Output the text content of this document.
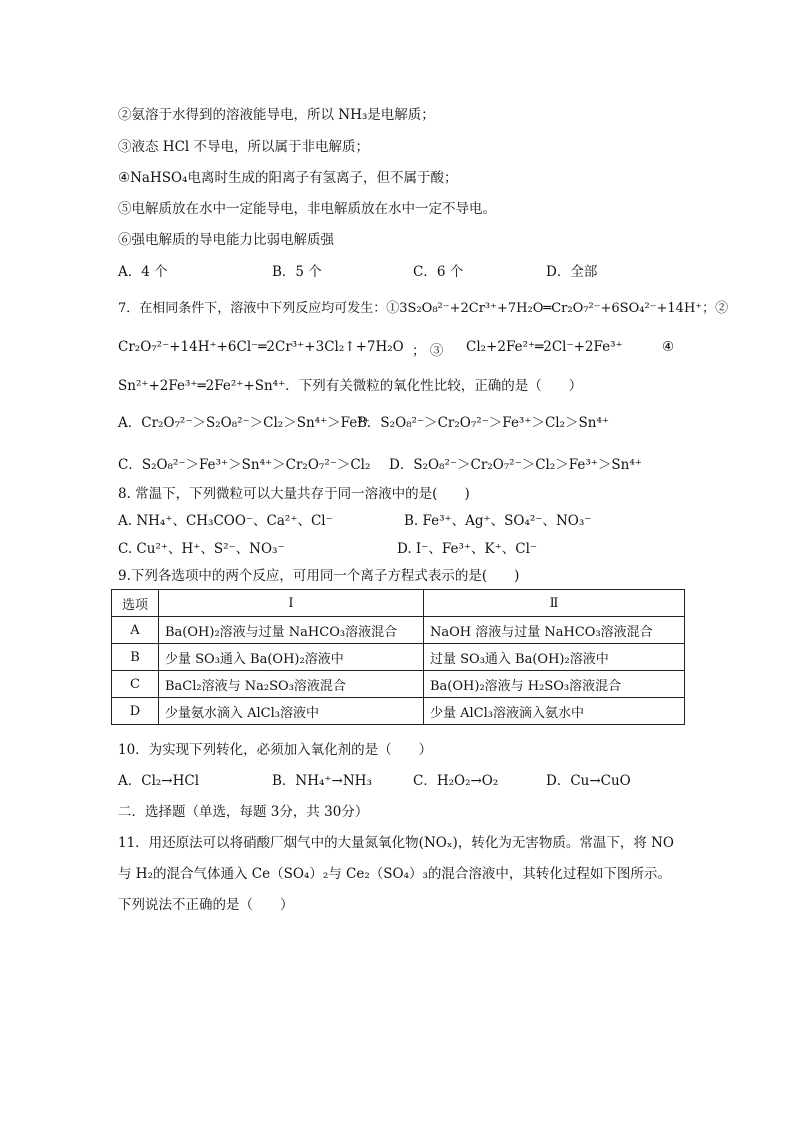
②氨溶于水得到的溶液能导电，所以 NH₃是电解质；
③液态 HCl 不导电，所以属于非电解质；
④NaHSO₄电离时生成的阳离子有氢离子，但不属于酸；
⑤电解质放在水中一定能导电，非电解质放在水中一定不导电。
⑥强电解质的导电能力比弱电解质强
A．4 个	B．5 个	C．6 个	D．全部
7．在相同条件下，溶液中下列反应均可发生：①3S₂O₈²⁻+2Cr³⁺+7H₂O═Cr₂O₇²⁻+6SO₄²⁻+14H⁺；②
Cr₂O₇²⁻+14H⁺+6Cl⁻═2Cr³⁺+3Cl₂↑+7H₂O ； ③ Cl₂+2Fe²⁺═2Cl⁻+2Fe³⁺	④
Sn²⁺+2Fe³⁺═2Fe²⁺+Sn⁴⁺．下列有关微粒的氧化性比较，正确的是（　　）
A．Cr₂O₇²⁻＞S₂O₈²⁻＞Cl₂＞Sn⁴⁺＞Fe³⁺
B．S₂O₈²⁻＞Cr₂O₇²⁻＞Fe³⁺＞Cl₂＞Sn⁴⁺
C．S₂O₈²⁻＞Fe³⁺＞Sn⁴⁺＞Cr₂O₇²⁻＞Cl₂ D．S₂O₈²⁻＞Cr₂O₇²⁻＞Cl₂＞Fe³⁺＞Sn⁴⁺
8. 常温下，下列微粒可以大量共存于同一溶液中的是(　　)
A. NH₄⁺、CH₃COO⁻、Ca²⁺、Cl⁻	B. Fe³⁺、Ag⁺、SO₄²⁻、NO₃⁻
C. Cu²⁺、H⁺、S²⁻、NO₃⁻	D. I⁻、Fe³⁺、K⁺、Cl⁻
9.下列各选项中的两个反应，可用同一个离子方程式表示的是(　　)
选项	Ⅰ	Ⅱ
A	Ba(OH)₂溶液与过量 NaHCO₃溶液混合	NaOH 溶液与过量 NaHCO₃溶液混合
B	少量 SO₃通入 Ba(OH)₂溶液中	过量 SO₃通入 Ba(OH)₂溶液中
C	BaCl₂溶液与 Na₂SO₃溶液混合	Ba(OH)₂溶液与 H₂SO₃溶液混合
D	少量氨水滴入 AlCl₃溶液中	少量 AlCl₃溶液滴入氨水中
10．为实现下列转化，必须加入氧化剂的是（　　）
A．Cl₂→HCl	B．NH₄⁺→NH₃	C．H₂O₂→O₂	D．Cu→CuO
二．选择题（单选，每题 3分，共 30分）
11．用还原法可以将硝酸厂烟气中的大量氮氧化物(NOₓ)，转化为无害物质。常温下，将 NO
与 H₂的混合气体通入 Ce（SO₄）₂与 Ce₂（SO₄）₃的混合溶液中，其转化过程如下图所示。
下列说法不正确的是（　　）
